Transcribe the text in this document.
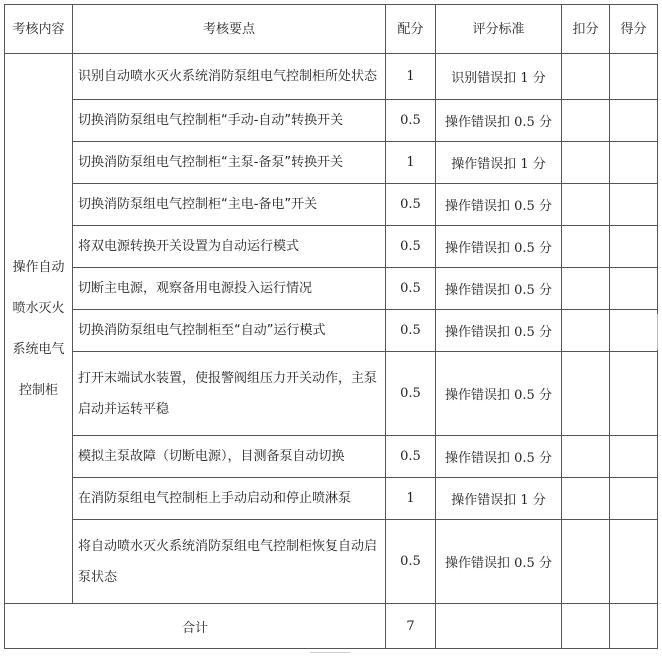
考核内容	考核要点	配分	评分标准	扣分	得分
操作自动喷水灭火系统电气控制柜	识别自动喷水灭火系统消防泵组电气控制柜所处状态	1	识别错误扣 1 分		
	切换消防泵组电气控制柜“手动-自动”转换开关	0.5	操作错误扣 0.5 分		
	切换消防泵组电气控制柜“主泵-备泵”转换开关	1	操作错误扣 1 分		
	切换消防泵组电气控制柜“主电-备电”开关	0.5	操作错误扣 0.5 分		
	将双电源转换开关设置为自动运行模式	0.5	操作错误扣 0.5 分		
	切断主电源，观察备用电源投入运行情况	0.5	操作错误扣 0.5 分		
	切换消防泵组电气控制柜至“自动”运行模式	0.5	操作错误扣 0.5 分		
	打开末端试水装置，使报警阀组压力开关动作，主泵启动并运转平稳	0.5	操作错误扣 0.5 分		
	模拟主泵故障（切断电源），目测备泵自动切换	0.5	操作错误扣 0.5 分		
	在消防泵组电气控制柜上手动启动和停止喷淋泵	1	操作错误扣 1 分		
	将自动喷水灭火系统消防泵组电气控制柜恢复自动启泵状态	0.5	操作错误扣 0.5 分		
合计		7			
